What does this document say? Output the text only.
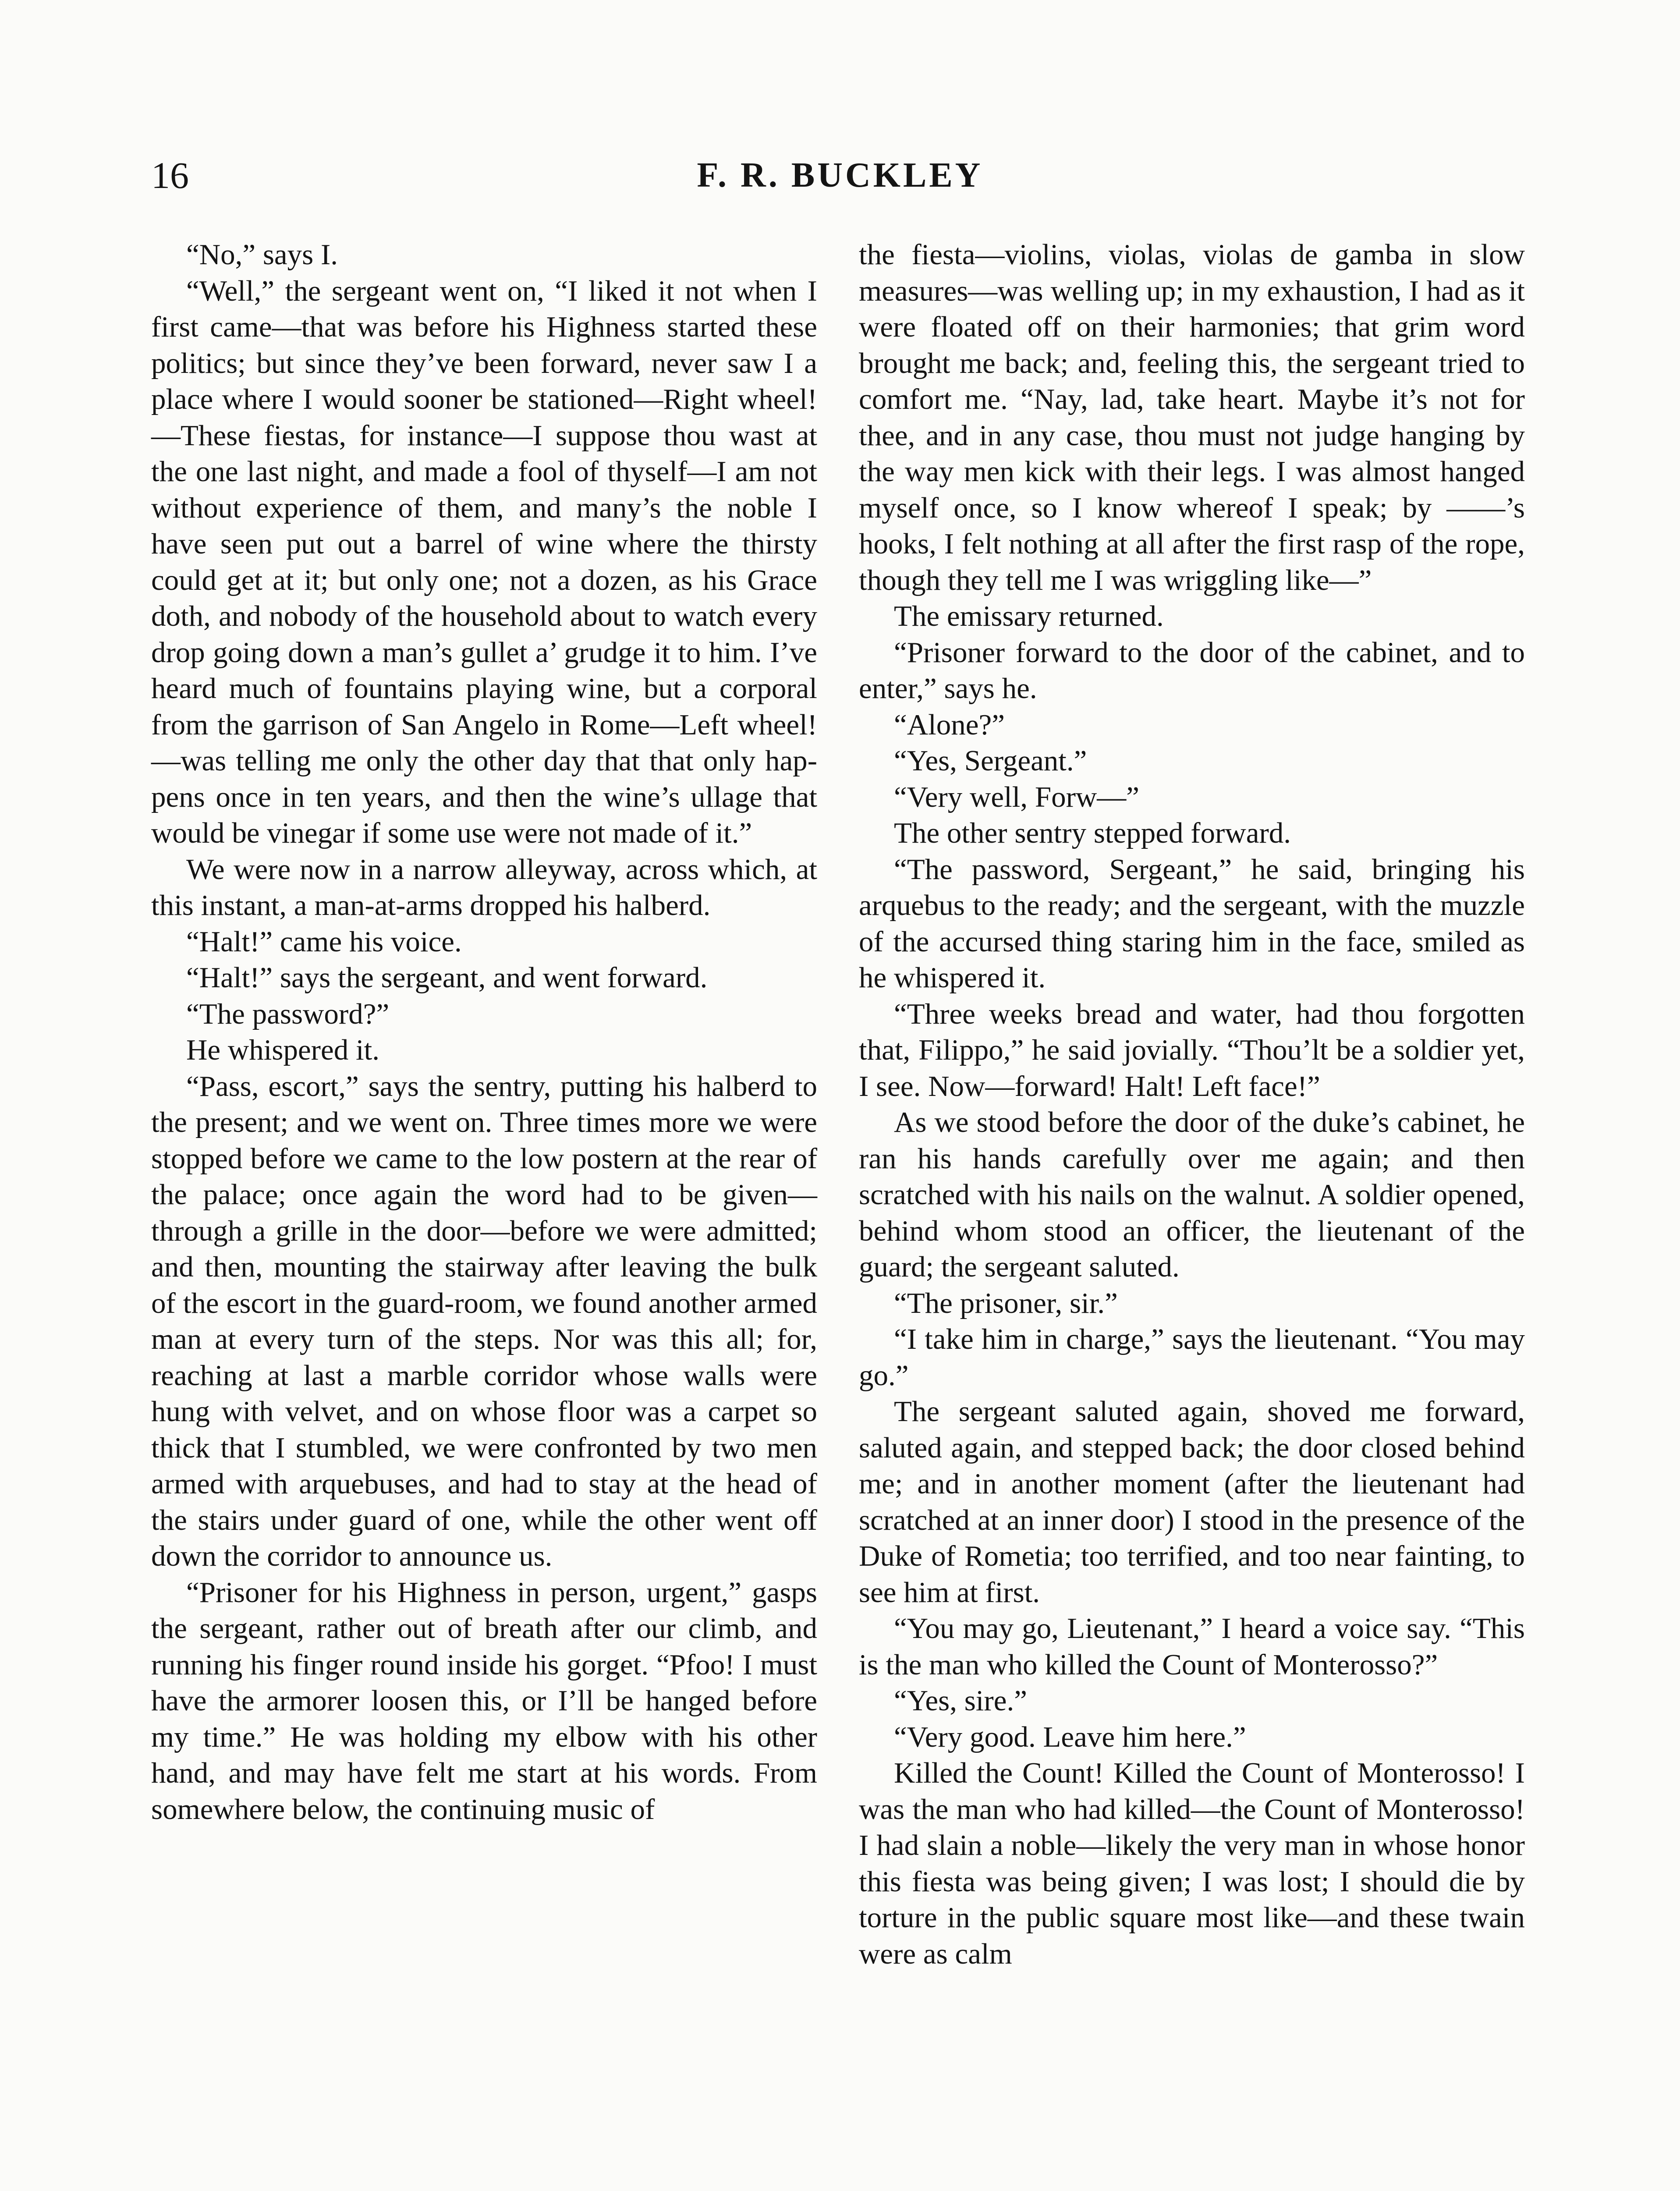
16	F. R. BUCKLEY

“No,” says I.

“Well,” the sergeant went on, “I liked it not when I first came—that was before his Highness started these politics; but since they’ve been forward, never saw I a place where I would sooner be stationed—Right wheel!—These fiestas, for instance—I suppose thou wast at the one last night, and made a fool of thyself—I am not without experience of them, and many’s the noble I have seen put out a barrel of wine where the thirsty could get at it; but only one; not a dozen, as his Grace doth, and nobody of the household about to watch every drop going down a man’s gullet a’ grudge it to him. I’ve heard much of fountains playing wine, but a corporal from the garrison of San Angelo in Rome—Left wheel!—was telling me only the other day that that only happens once in ten years, and then the wine’s ullage that would be vinegar if some use were not made of it.”

We were now in a narrow alleyway, across which, at this instant, a man-at-arms dropped his halberd.

“Halt!” came his voice.

“Halt!” says the sergeant, and went forward.

“The password?”

He whispered it.

“Pass, escort,” says the sentry, putting his halberd to the present; and we went on. Three times more we were stopped before we came to the low postern at the rear of the palace; once again the word had to be given—through a grille in the door—before we were admitted; and then, mounting the stairway after leaving the bulk of the escort in the guard-room, we found another armed man at every turn of the steps. Nor was this all; for, reaching at last a marble corridor whose walls were hung with velvet, and on whose floor was a carpet so thick that I stumbled, we were confronted by two men armed with arquebuses, and had to stay at the head of the stairs under guard of one, while the other went off down the corridor to announce us.

“Prisoner for his Highness in person, urgent,” gasps the sergeant, rather out of breath after our climb, and running his finger round inside his gorget. “Pfoo! I must have the armorer loosen this, or I’ll be hanged before my time.” He was holding my elbow with his other hand, and may have felt me start at his words. From somewhere below, the continuing music of

the fiesta—violins, violas, violas de gamba in slow measures—was welling up; in my exhaustion, I had as it were floated off on their harmonies; that grim word brought me back; and, feeling this, the sergeant tried to comfort me. “Nay, lad, take heart. Maybe it’s not for thee, and in any case, thou must not judge hanging by the way men kick with their legs. I was almost hanged myself once, so I know whereof I speak; by ——’s hooks, I felt nothing at all after the first rasp of the rope, though they tell me I was wriggling like—”

The emissary returned.

“Prisoner forward to the door of the cabinet, and to enter,” says he.

“Alone?”

“Yes, Sergeant.”

“Very well, Forw—”

The other sentry stepped forward.

“The password, Sergeant,” he said, bringing his arquebus to the ready; and the sergeant, with the muzzle of the accursed thing staring him in the face, smiled as he whispered it.

“Three weeks bread and water, had thou forgotten that, Filippo,” he said jovially. “Thou’lt be a soldier yet, I see. Now—forward! Halt! Left face!”

As we stood before the door of the duke’s cabinet, he ran his hands carefully over me again; and then scratched with his nails on the walnut. A soldier opened, behind whom stood an officer, the lieutenant of the guard; the sergeant saluted.

“The prisoner, sir.”

“I take him in charge,” says the lieutenant. “You may go.”

The sergeant saluted again, shoved me forward, saluted again, and stepped back; the door closed behind me; and in another moment (after the lieutenant had scratched at an inner door) I stood in the presence of the Duke of Rometia; too terrified, and too near fainting, to see him at first.

“You may go, Lieutenant,” I heard a voice say. “This is the man who killed the Count of Monterosso?”

“Yes, sire.”

“Very good. Leave him here.”

Killed the Count! Killed the Count of Monterosso! I was the man who had killed—the Count of Monterosso! I had slain a noble—likely the very man in whose honor this fiesta was being given; I was lost; I should die by torture in the public square most like—and these twain were as calm
